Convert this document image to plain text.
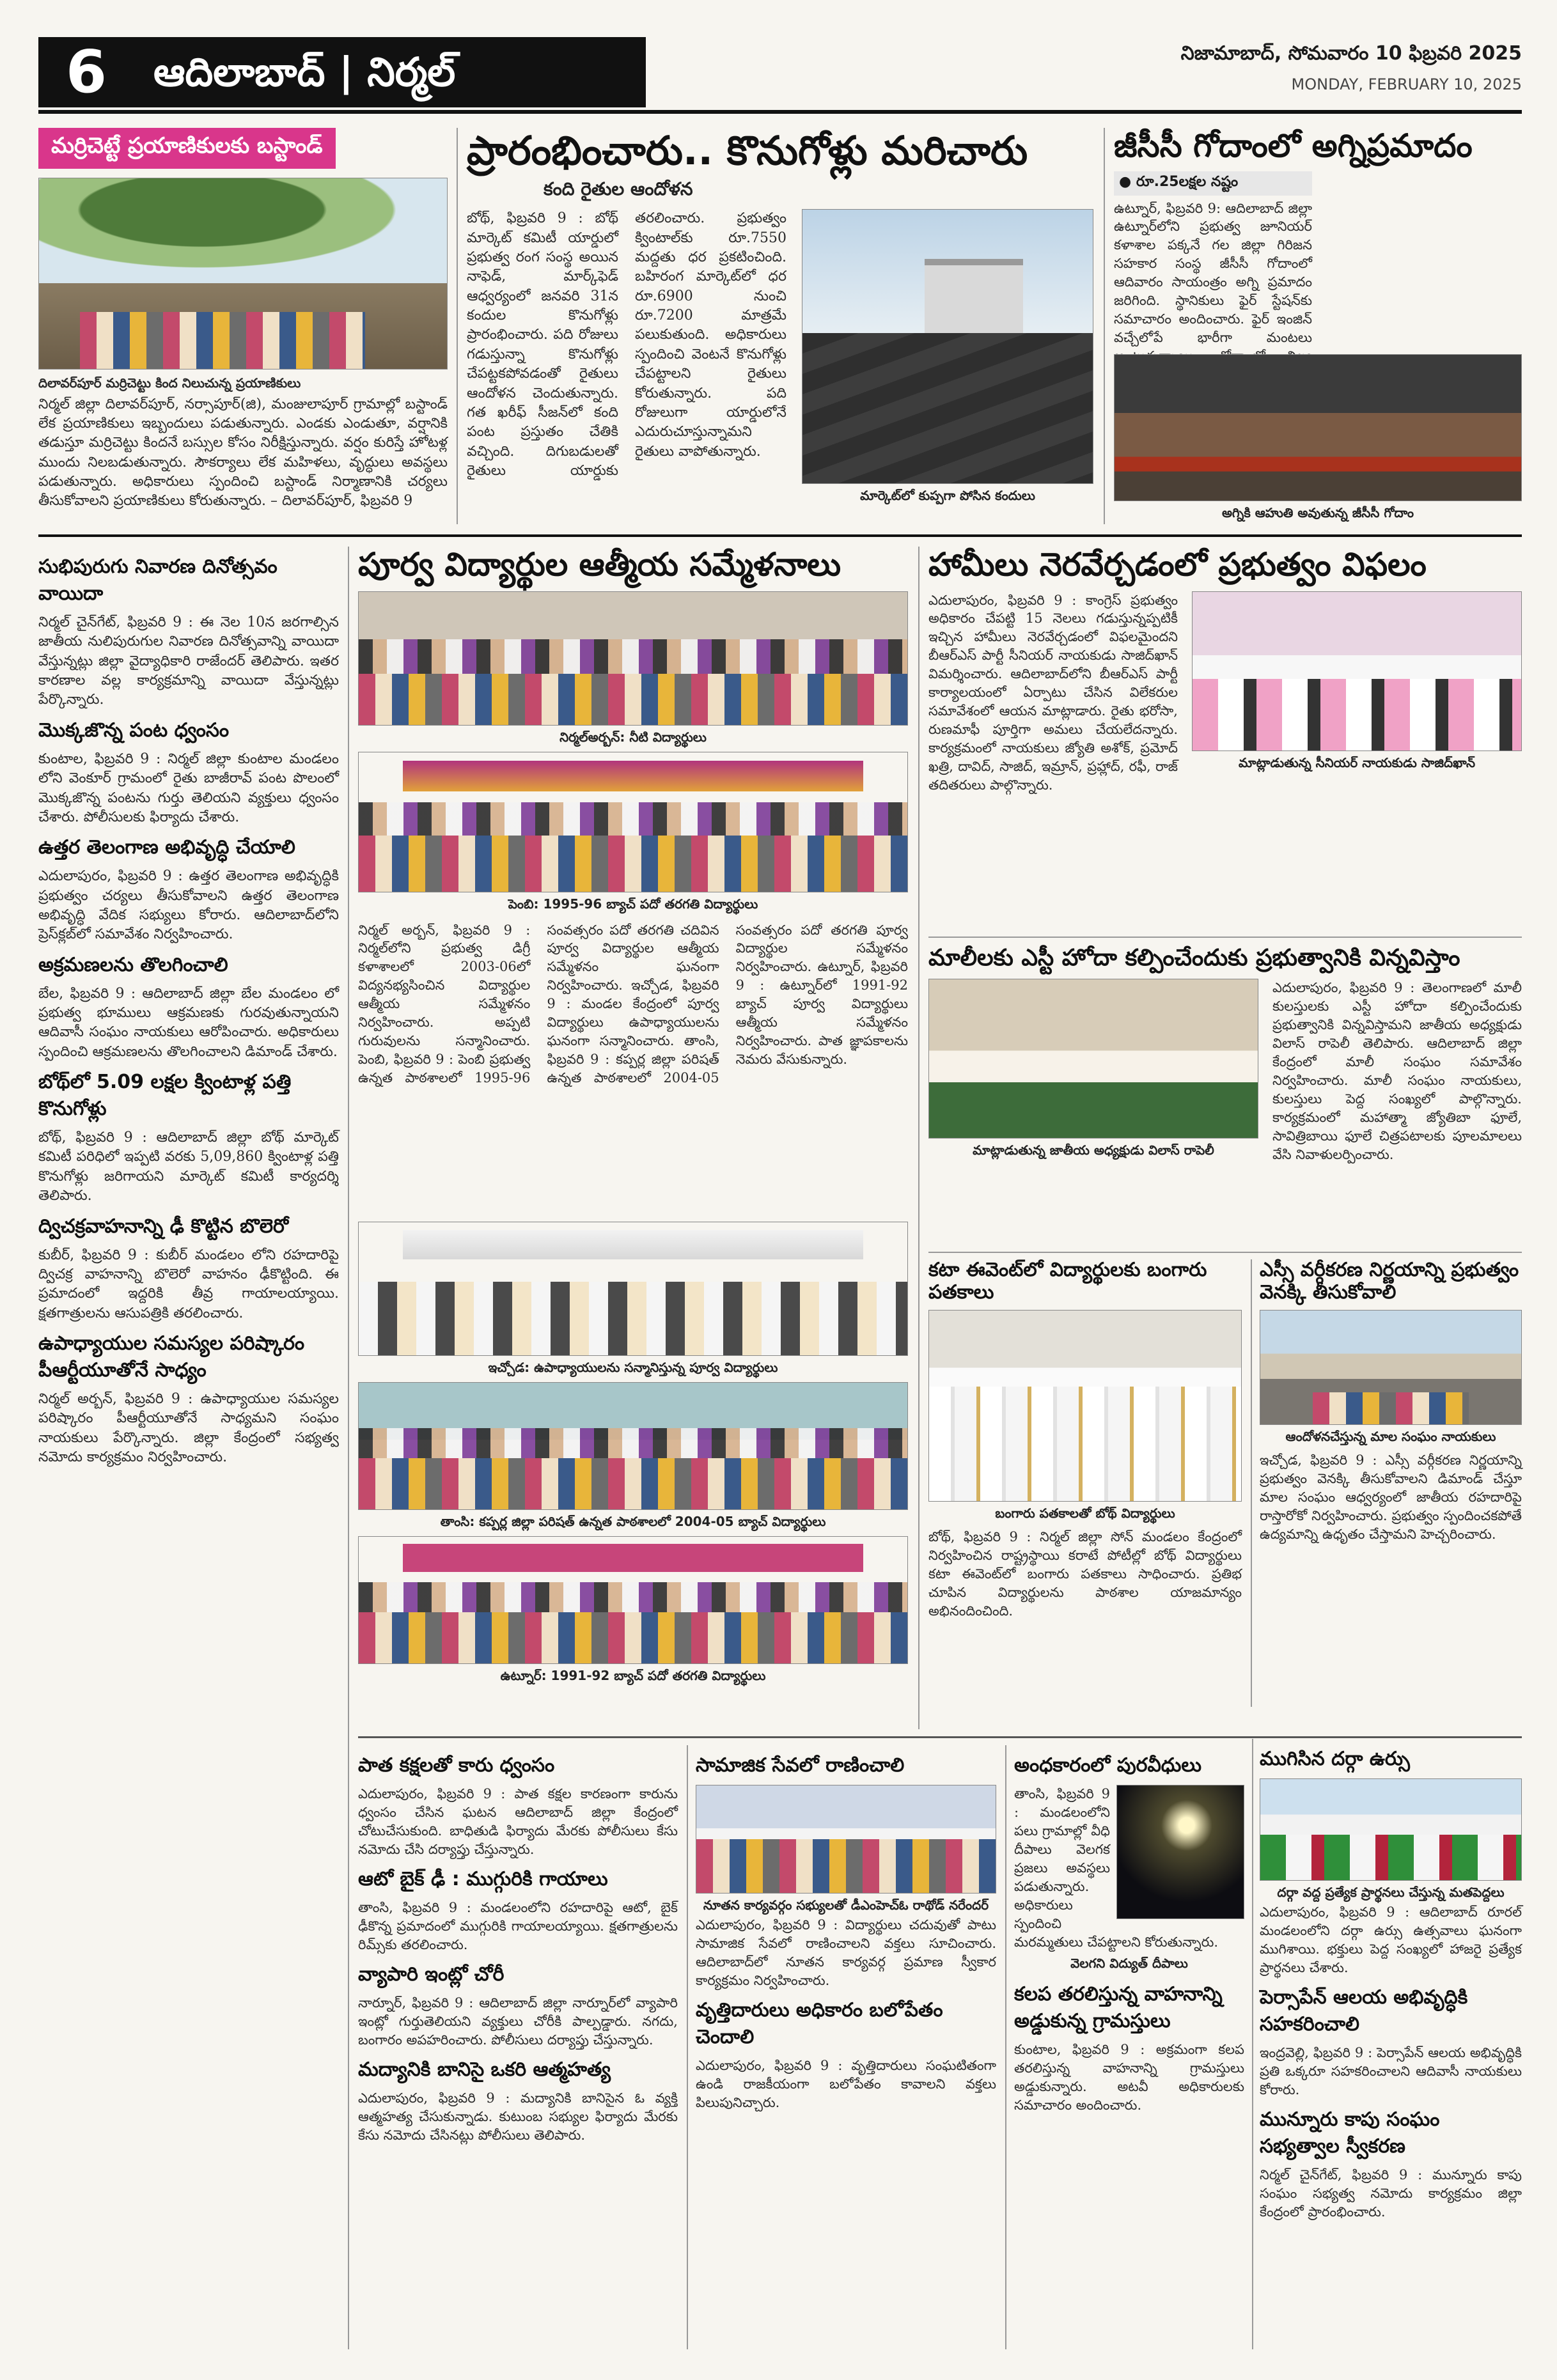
6	ఆదిలాబాద్ | నిర్మల్	నిజామాబాద్, సోమవారం 10 ఫిబ్రవరి 2025
MONDAY, FEBRUARY 10, 2025
మర్రిచెట్టే ప్రయాణికులకు బస్టాండ్
దిలావర్‌పూర్ మర్రిచెట్టు కింద నిలుచున్న ప్రయాణికులు
నిర్మల్ జిల్లా దిలావర్‌పూర్, నర్సాపూర్(జి), మంజులాపూర్ గ్రామాల్లో బస్టాండ్ లేక ప్రయాణికులు ఇబ్బందులు పడుతున్నారు. ఎండకు ఎండుతూ, వర్షానికి తడుస్తూ మర్రిచెట్టు కిందనే బస్సుల కోసం నిరీక్షిస్తున్నారు. వర్షం కురిస్తే హోటళ్ల ముందు నిలబడుతున్నారు. సౌకర్యాలు లేక మహిళలు, వృద్ధులు అవస్థలు పడుతున్నారు. అధికారులు స్పందించి బస్టాండ్ నిర్మాణానికి చర్యలు తీసుకోవాలని ప్రయాణికులు కోరుతున్నారు. – దిలావర్‌పూర్, ఫిబ్రవరి 9
ప్రారంభించారు.. కొనుగోళ్లు మరిచారు
కంది రైతుల ఆందోళన
బోథ్, ఫిబ్రవరి 9 : బోథ్ మార్కెట్ కమిటీ యార్డులో ప్రభుత్వ రంగ సంస్థ అయిన నాఫెడ్, మార్క్‌ఫెడ్ ఆధ్వర్యంలో జనవరి 31న కందుల కొనుగోళ్లు ప్రారంభించారు. పది రోజులు గడుస్తున్నా కొనుగోళ్లు చేపట్టకపోవడంతో రైతులు ఆందోళన చెందుతున్నారు. గత ఖరీఫ్ సీజన్‌లో కంది పంట ప్రస్తుతం చేతికి వచ్చింది. దిగుబడులతో రైతులు యార్డుకు తరలించారు. ప్రభుత్వం క్వింటాల్‌కు రూ.7550 మద్దతు ధర ప్రకటించింది. బహిరంగ మార్కెట్‌లో ధర రూ.6900 నుంచి రూ.7200 మాత్రమే పలుకుతుంది. అధికారులు స్పందించి వెంటనే కొనుగోళ్లు చేపట్టాలని రైతులు కోరుతున్నారు. పది రోజులుగా యార్డులోనే ఎదురుచూస్తున్నామని రైతులు వాపోతున్నారు.
మార్కెట్‌లో కుప్పగా పోసిన కందులు
జీసీసీ గోదాంలో అగ్నిప్రమాదం
● రూ.25లక్షల నష్టం
ఉట్నూర్, ఫిబ్రవరి 9: ఆదిలాబాద్ జిల్లా ఉట్నూర్‌లోని ప్రభుత్వ జూనియర్ కళాశాల పక్కనే గల జిల్లా గిరిజన సహకార సంస్థ జీసీసీ గోదాంలో ఆదివారం సాయంత్రం అగ్ని ప్రమాదం జరిగింది. స్థానికులు ఫైర్ స్టేషన్‌కు సమాచారం అందించారు. ఫైర్ ఇంజిన్ వచ్చేలోపే భారీగా మంటలు
అగ్నికి ఆహుతి అవుతున్న జీసీసీ గోదాం
సుభిపురుగు నివారణ దినోత్సవం వాయిదా
నిర్మల్ చైన్‌గేట్, ఫిబ్రవరి 9 : ఈ నెల 10న జరగాల్సిన జాతీయ నులిపురుగుల నివారణ దినోత్సవాన్ని వాయిదా వేస్తున్నట్లు జిల్లా వైద్యాధికారి రాజేందర్ తెలిపారు. ఇతర కారణాల వల్ల కార్యక్రమాన్ని వాయిదా వేస్తున్నట్లు పేర్కొన్నారు.
మొక్కజొన్న పంట ధ్వంసం
కుంటాల, ఫిబ్రవరి 9 : నిర్మల్ జిల్లా కుంటాల మండలం లోని వెంకూర్ గ్రామంలో రైతు బాజీరావ్ పంట పొలంలో మొక్కజొన్న పంటను గుర్తు తెలియని వ్యక్తులు ధ్వంసం చేశారు. పోలీసులకు ఫిర్యాదు చేశారు.
ఉత్తర తెలంగాణ అభివృద్ధి చేయాలి
ఎదులాపురం, ఫిబ్రవరి 9 : ఉత్తర తెలంగాణ అభివృద్ధికి ప్రభుత్వం చర్యలు తీసుకోవాలని ఉత్తర తెలంగాణ అభివృద్ధి వేదిక సభ్యులు కోరారు. ఆదిలాబాద్‌లోని ప్రెస్‌క్లబ్‌లో సమావేశం నిర్వహించారు.
అక్రమణలను తొలగించాలి
బేల, ఫిబ్రవరి 9 : ఆదిలాబాద్ జిల్లా బేల మండలం లో ప్రభుత్వ భూములు ఆక్రమణకు గురవుతున్నాయని ఆదివాసీ సంఘం నాయకులు ఆరోపించారు. అధికారులు స్పందించి ఆక్రమణలను తొలగించాలని డిమాండ్ చేశారు.
బోథ్‌లో 5.09 లక్షల క్వింటాళ్ల పత్తి కొనుగోళ్లు
బోథ్, ఫిబ్రవరి 9 : ఆదిలాబాద్ జిల్లా బోథ్ మార్కెట్ కమిటీ పరిధిలో ఇప్పటి వరకు 5,09,860 క్వింటాళ్ల పత్తి కొనుగోళ్లు జరిగాయని మార్కెట్ కమిటీ కార్యదర్శి తెలిపారు.
ద్విచక్రవాహనాన్ని ఢీ కొట్టిన బొలెరో
కుబీర్, ఫిబ్రవరి 9 : కుబీర్ మండలం లోని రహదారిపై ద్విచక్ర వాహనాన్ని బొలెరో వాహనం ఢీకొట్టింది. ఈ ప్రమాదంలో ఇద్దరికి తీవ్ర గాయాలయ్యాయి. క్షతగాత్రులను ఆసుపత్రికి తరలించారు.
ఉపాధ్యాయుల సమస్యల పరిష్కారం పీఆర్టీయూతోనే సాధ్యం
నిర్మల్ అర్బన్, ఫిబ్రవరి 9 : ఉపాధ్యాయుల సమస్యల పరిష్కారం పీఆర్టీయూతోనే సాధ్యమని సంఘం నాయకులు పేర్కొన్నారు. జిల్లా కేంద్రంలో సభ్యత్వ నమోదు కార్యక్రమం నిర్వహించారు.
పూర్వ విద్యార్థుల ఆత్మీయ సమ్మేళనాలు
నిర్మల్‌అర్బన్: నీటి విద్యార్థులు
పెంబి: 1995-96 బ్యాచ్ పదో తరగతి విద్యార్థులు
నిర్మల్ అర్బన్, ఫిబ్రవరి 9 : నిర్మల్‌లోని ప్రభుత్వ డిగ్రీ కళాశాలలో 2003-06లో విద్యనభ్యసించిన విద్యార్థుల ఆత్మీయ సమ్మేళనం నిర్వహించారు. అప్పటి గురువులను సన్మానించారు. పెంబి, ఫిబ్రవరి 9 : పెంబి ప్రభుత్వ ఉన్నత పాఠశాలలో 1995-96 సంవత్సరం పదో తరగతి చదివిన పూర్వ విద్యార్థుల ఆత్మీయ సమ్మేళనం ఘనంగా నిర్వహించారు. ఇచ్చోడ, ఫిబ్రవరి 9 : మండల కేంద్రంలో పూర్వ విద్యార్థులు ఉపాధ్యాయులను ఘనంగా సన్మానించారు. తాంసి, ఫిబ్రవరి 9 : కప్పర్ల జిల్లా పరిషత్ ఉన్నత పాఠశాలలో 2004-05 సంవత్సరం పదో తరగతి పూర్వ విద్యార్థుల సమ్మేళనం నిర్వహించారు. ఉట్నూర్, ఫిబ్రవరి 9 : ఉట్నూర్‌లో 1991-92 బ్యాచ్ పూర్వ విద్యార్థులు ఆత్మీయ సమ్మేళనం నిర్వహించారు. పాత జ్ఞాపకాలను నెమరు వేసుకున్నారు.
ఇచ్చోడ: ఉపాధ్యాయులను సన్మానిస్తున్న పూర్వ విద్యార్థులు
తాంసి: కప్పర్ల జిల్లా పరిషత్ ఉన్నత పాఠశాలలో 2004-05 బ్యాచ్ విద్యార్థులు
ఉట్నూర్: 1991-92 బ్యాచ్ పదో తరగతి విద్యార్థులు
హామీలు నెరవేర్చడంలో ప్రభుత్వం విఫలం
ఎదులాపురం, ఫిబ్రవరి 9 : కాంగ్రెస్ ప్రభుత్వం అధికారం చేపట్టి 15 నెలలు గడుస్తున్నప్పటికీ ఇచ్చిన హామీలు నెరవేర్చడంలో విఫలమైందని బీఆర్ఎస్ పార్టీ సీనియర్ నాయకుడు సాజిద్‌ఖాన్ విమర్శించారు. ఆదిలాబాద్‌లోని బీఆర్ఎస్ పార్టీ కార్యాలయంలో ఏర్పాటు చేసిన విలేకరుల సమావేశంలో ఆయన మాట్లాడారు. రైతు భరోసా, రుణమాఫీ పూర్తిగా అమలు చేయలేదన్నారు. కార్యక్రమంలో నాయకులు జ్యోతి అశోక్, ప్రమోద్ ఖత్రి, దావిద్, సాజిద్, ఇమ్రాన్, ప్రహ్లాద్, రఫీ, రాజ్ తదితరులు పాల్గొన్నారు.
మాట్లాడుతున్న సీనియర్ నాయకుడు సాజిద్‌ఖాన్
మాలీలకు ఎస్టీ హోదా కల్పించేందుకు ప్రభుత్వానికి విన్నవిస్తాం
మాట్లాడుతున్న జాతీయ అధ్యక్షుడు విలాస్ రాపెలీ
ఎదులాపురం, ఫిబ్రవరి 9 : తెలంగాణలో మాలీ కులస్తులకు ఎస్టీ హోదా కల్పించేందుకు ప్రభుత్వానికి విన్నవిస్తామని జాతీయ అధ్యక్షుడు విలాస్ రాపెలీ తెలిపారు. ఆదిలాబాద్ జిల్లా కేంద్రంలో మాలీ సంఘం సమావేశం నిర్వహించారు. మాలీ సంఘం నాయకులు, కులస్తులు పెద్ద సంఖ్యలో పాల్గొన్నారు. కార్యక్రమంలో మహాత్మా జ్యోతిబా ఫూలే, సావిత్రిబాయి ఫూలే చిత్రపటాలకు పూలమాలలు వేసి నివాళులర్పించారు.
కటా ఈవెంట్‌లో విద్యార్థులకు బంగారు పతకాలు
బంగారు పతకాలతో బోథ్ విద్యార్థులు
బోథ్, ఫిబ్రవరి 9 : నిర్మల్ జిల్లా సోన్ మండలం కేంద్రంలో నిర్వహించిన రాష్ట్రస్థాయి కరాటే పోటీల్లో బోథ్ విద్యార్థులు కటా ఈవెంట్‌లో బంగారు పతకాలు సాధించారు. ప్రతిభ చూపిన విద్యార్థులను పాఠశాల యాజమాన్యం అభినందించింది.
ఎస్సీ వర్గీకరణ నిర్ణయాన్ని ప్రభుత్వం వెనక్కి తీసుకోవాలి
ఆందోళనచేస్తున్న మాల సంఘం నాయకులు
ఇచ్చోడ, ఫిబ్రవరి 9 : ఎస్సీ వర్గీకరణ నిర్ణయాన్ని ప్రభుత్వం వెనక్కి తీసుకోవాలని డిమాండ్ చేస్తూ మాల సంఘం ఆధ్వర్యంలో జాతీయ రహదారిపై రాస్తారోకో నిర్వహించారు. ప్రభుత్వం స్పందించకపోతే ఉద్యమాన్ని ఉధృతం చేస్తామని హెచ్చరించారు.
పాత కక్షలతో కారు ధ్వంసం
ఎదులాపురం, ఫిబ్రవరి 9 : పాత కక్షల కారణంగా కారును ధ్వంసం చేసిన ఘటన ఆదిలాబాద్ జిల్లా కేంద్రంలో చోటుచేసుకుంది. బాధితుడి ఫిర్యాదు మేరకు పోలీసులు కేసు నమోదు చేసి దర్యాప్తు చేస్తున్నారు.
ఆటో బైక్ ఢీ : ముగ్గురికి గాయాలు
తాంసి, ఫిబ్రవరి 9 : మండలంలోని రహదారిపై ఆటో, బైక్ ఢీకొన్న ప్రమాదంలో ముగ్గురికి గాయాలయ్యాయి. క్షతగాత్రులను రిమ్స్‌కు తరలించారు.
వ్యాపారి ఇంట్లో చోరీ
నార్నూర్, ఫిబ్రవరి 9 : ఆదిలాబాద్ జిల్లా నార్నూర్‌లో వ్యాపారి ఇంట్లో గుర్తుతెలియని వ్యక్తులు చోరీకి పాల్పడ్డారు. నగదు, బంగారం అపహరించారు. పోలీసులు దర్యాప్తు చేస్తున్నారు.
మద్యానికి బానిసై ఒకరి ఆత్మహత్య
ఎదులాపురం, ఫిబ్రవరి 9 : మద్యానికి బానిసైన ఓ వ్యక్తి ఆత్మహత్య చేసుకున్నాడు. కుటుంబ సభ్యుల ఫిర్యాదు మేరకు కేసు నమోదు చేసినట్లు పోలీసులు తెలిపారు.
సామాజిక సేవలో రాణించాలి
నూతన కార్యవర్గం సభ్యులతో డీఎంహెచ్‌ఓ రాథోడ్ నరేందర్
ఎదులాపురం, ఫిబ్రవరి 9 : విద్యార్థులు చదువుతో పాటు సామాజిక సేవలో రాణించాలని వక్తలు సూచించారు. ఆదిలాబాద్‌లో నూతన కార్యవర్గ ప్రమాణ స్వీకార కార్యక్రమం నిర్వహించారు.
వృత్తిదారులు అధికారం బలోపేతం చెందాలి
ఎదులాపురం, ఫిబ్రవరి 9 : వృత్తిదారులు సంఘటితంగా ఉండి రాజకీయంగా బలోపేతం కావాలని వక్తలు పిలుపునిచ్చారు.
అంధకారంలో పురవీధులు
తాంసి, ఫిబ్రవరి 9 : మండలంలోని పలు గ్రామాల్లో వీధి దీపాలు వెలగక ప్రజలు అవస్థలు పడుతున్నారు. అధికారులు స్పందించి మరమ్మతులు చేపట్టాలని కోరుతున్నారు.
వెలగని విద్యుత్ దీపాలు
కలప తరలిస్తున్న వాహనాన్ని అడ్డుకున్న గ్రామస్తులు
కుంటాల, ఫిబ్రవరి 9 : అక్రమంగా కలప తరలిస్తున్న వాహనాన్ని గ్రామస్తులు అడ్డుకున్నారు. అటవీ అధికారులకు సమాచారం అందించారు.
ముగిసిన దర్గా ఉర్సు
దర్గా వద్ద ప్రత్యేక ప్రార్థనలు చేస్తున్న మతపెద్దలు
ఎదులాపురం, ఫిబ్రవరి 9 : ఆదిలాబాద్ రూరల్ మండలంలోని దర్గా ఉర్సు ఉత్సవాలు ఘనంగా ముగిశాయి. భక్తులు పెద్ద సంఖ్యలో హాజరై ప్రత్యేక ప్రార్థనలు చేశారు.
పెర్సాపేన్ ఆలయ అభివృద్ధికి సహకరించాలి
ఇంద్రవెల్లి, ఫిబ్రవరి 9 : పెర్సాపేన్ ఆలయ అభివృద్ధికి ప్రతి ఒక్కరూ సహకరించాలని ఆదివాసీ నాయకులు కోరారు.
మున్నూరు కాపు సంఘం సభ్యత్వాల స్వీకరణ
నిర్మల్ చైన్‌గేట్, ఫిబ్రవరి 9 : మున్నూరు కాపు సంఘం సభ్యత్వ నమోదు కార్యక్రమం జిల్లా కేంద్రంలో ప్రారంభించారు.
